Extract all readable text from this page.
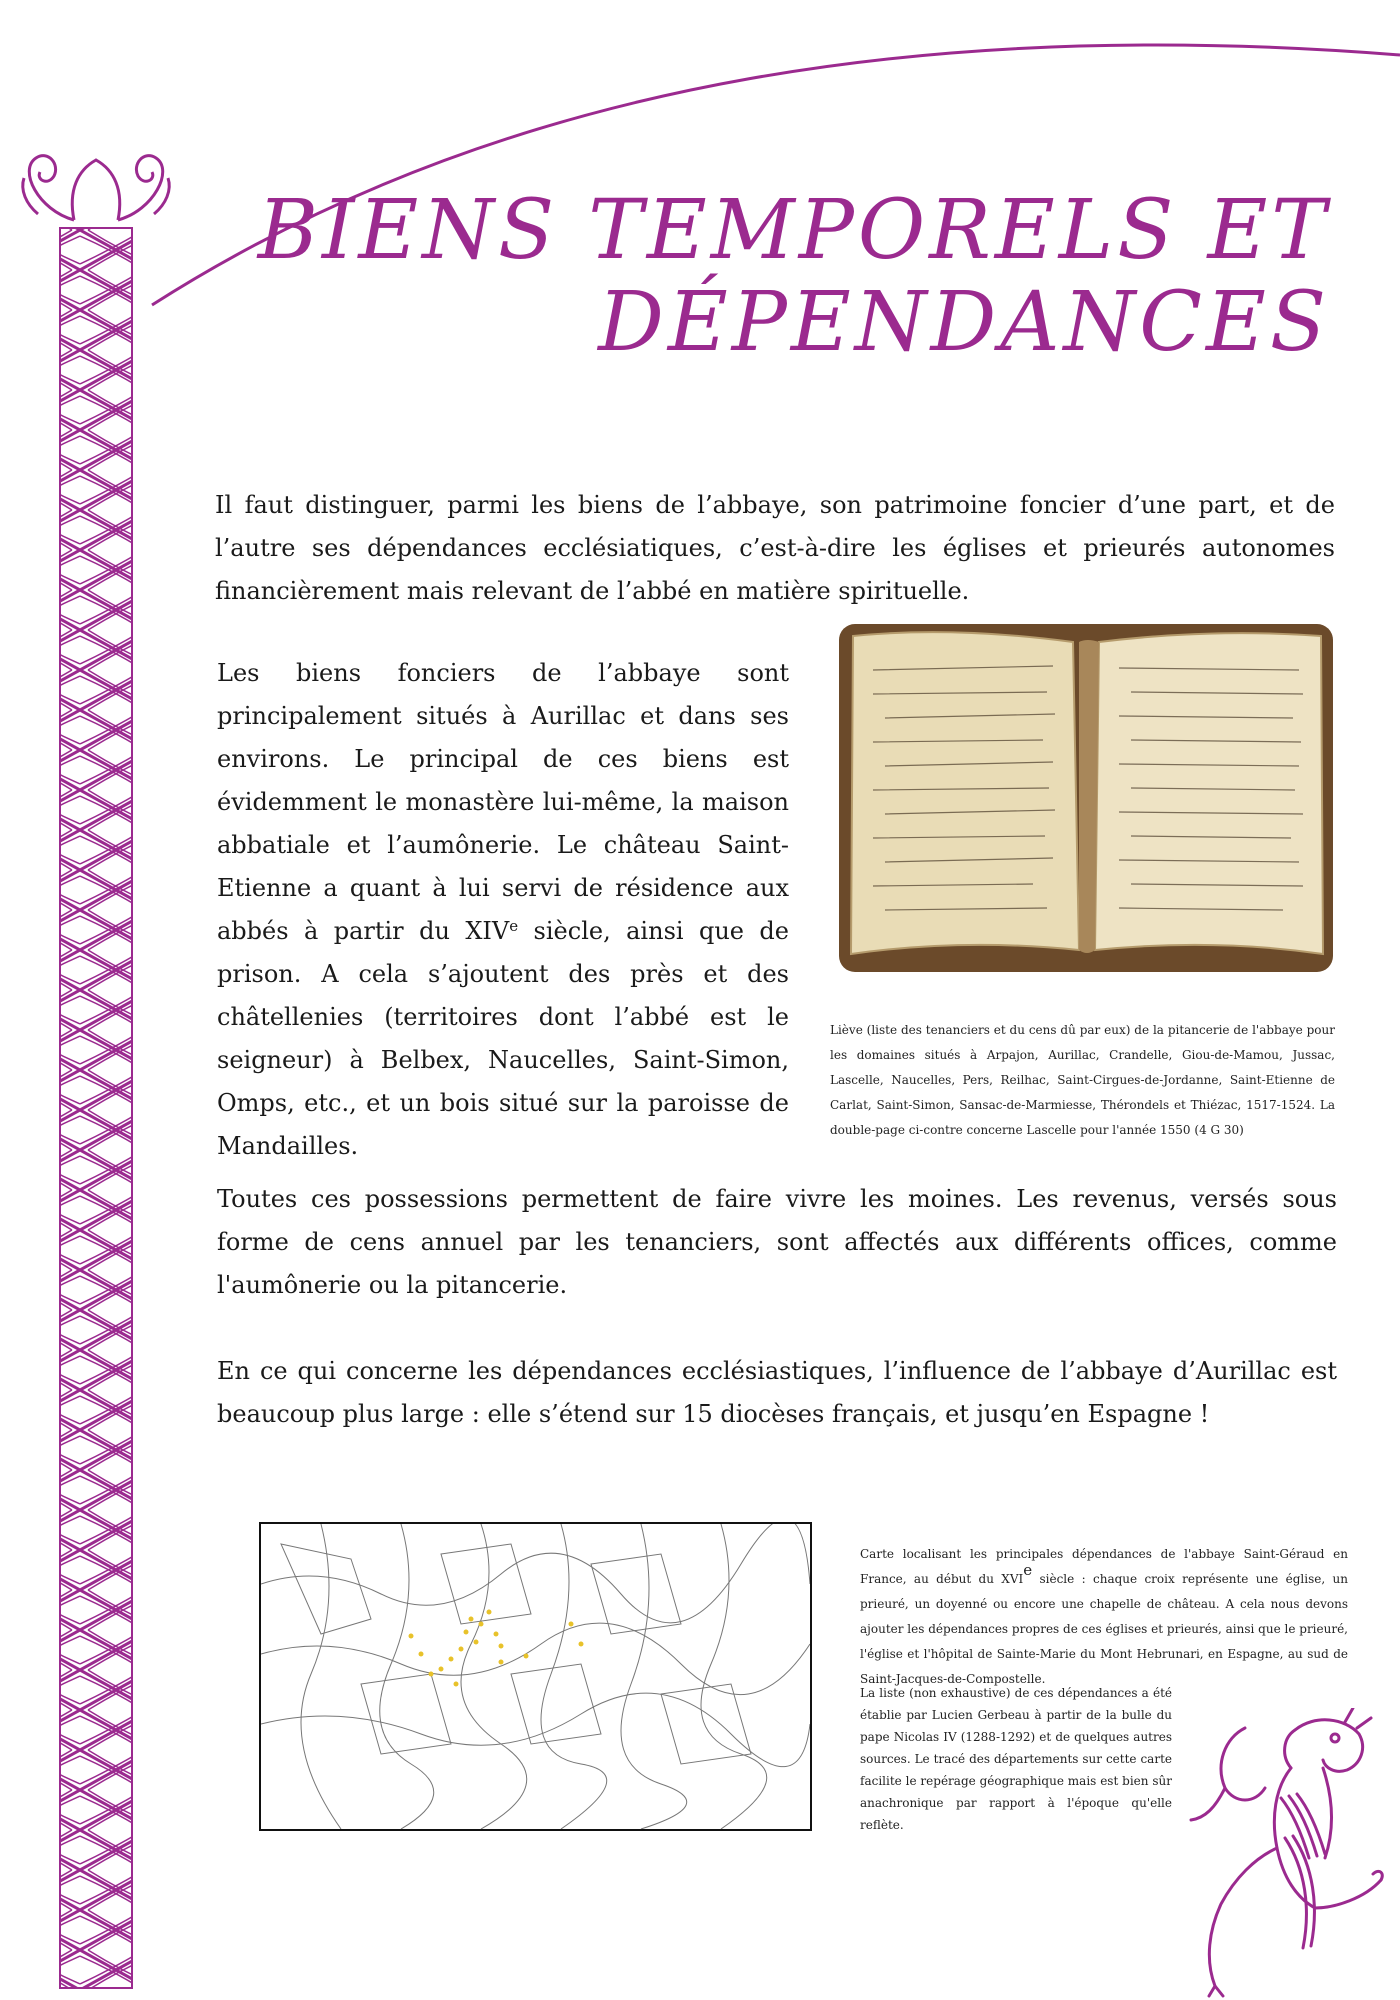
BIENS TEMPORELS ET
DÉPENDANCES

Il faut distinguer, parmi les biens de l’abbaye, son patrimoine foncier d’une part, et de l’autre ses dépendances ecclésiatiques, c’est-à-dire les églises et prieurés autonomes financièrement mais relevant de l’abbé en matière spirituelle.

Les biens fonciers de l’abbaye sont principalement situés à Aurillac et dans ses environs. Le principal de ces biens est évidemment le monastère lui-même, la maison abbatiale et l’aumônerie. Le château Saint-Etienne a quant à lui servi de résidence aux abbés à partir du XIVe siècle, ainsi que de prison. A cela s’ajoutent des près et des châtellenies (territoires dont l’abbé est le seigneur) à Belbex, Naucelles, Saint-Simon, Omps, etc., et un bois situé sur la paroisse de Mandailles.

Liève (liste des tenanciers et du cens dû par eux) de la pitancerie de l'abbaye pour les domaines situés à Arpajon, Aurillac, Crandelle, Giou-de-Mamou, Jussac, Lascelle, Naucelles, Pers, Reilhac, Saint-Cirgues-de-Jordanne, Saint-Etienne de Carlat, Saint-Simon, Sansac-de-Marmiesse, Thérondels et Thiézac, 1517-1524. La double-page ci-contre concerne Lascelle pour l'année 1550 (4 G 30)

Toutes ces possessions permettent de faire vivre les moines. Les revenus, versés sous forme de cens annuel par les tenanciers, sont affectés aux différents offices, comme l'aumônerie ou la pitancerie.

En ce qui concerne les dépendances ecclésiastiques, l’influence de l’abbaye d’Aurillac est beaucoup plus large : elle s’étend sur 15 diocèses français, et jusqu’en Espagne !

Carte localisant les principales dépendances de l'abbaye Saint-Géraud en France, au début du XVIe siècle : chaque croix représente une église, un prieuré, un doyenné ou encore une chapelle de château. A cela nous devons ajouter les dépendances propres de ces églises et prieurés, ainsi que le prieuré, l'église et l'hôpital de Sainte-Marie du Mont Hebrunari, en Espagne, au sud de Saint-Jacques-de-Compostelle.
La liste (non exhaustive) de ces dépendances a été établie par Lucien Gerbeau à partir de la bulle du pape Nicolas IV (1288-1292) et de quelques autres sources. Le tracé des départements sur cette carte facilite le repérage géographique mais est bien sûr anachronique par rapport à l'époque qu'elle reflète.
